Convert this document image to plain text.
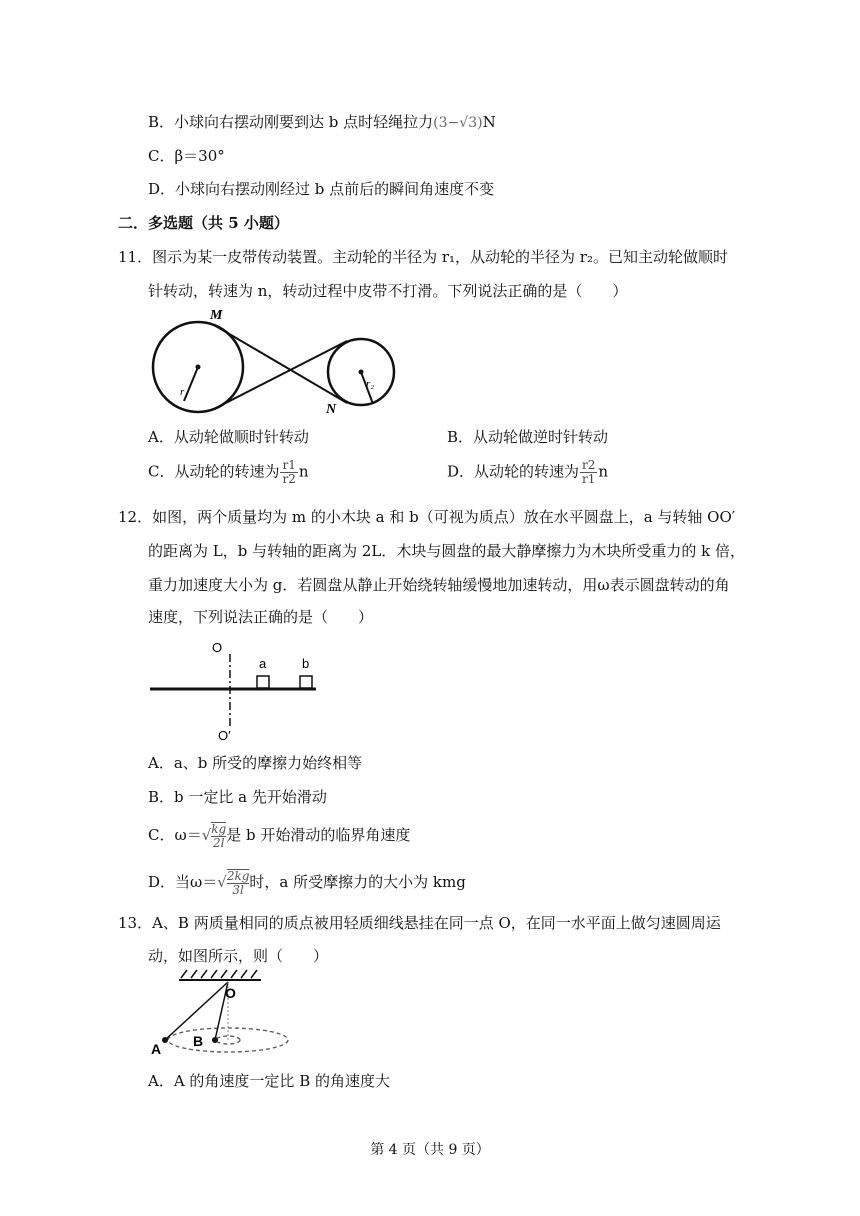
B．小球向右摆动刚要到达 b 点时轻绳拉力(3−√3)N
C．β＝30°
D．小球向右摆动刚经过 b 点前后的瞬间角速度不变
二．多选题（共 5 小题）
11．图示为某一皮带传动装置。主动轮的半径为 r₁，从动轮的半径为 r₂。已知主动轮做顺时
针转动，转速为 n，转动过程中皮带不打滑。下列说法正确的是（　　）
M
N
r₁
r₂
A．从动轮做顺时针转动	B．从动轮做逆时针转动
C．从动轮的转速为 $\frac{r1}{r2}$ n	D．从动轮的转速为 $\frac{r2}{r1}$ n
12．如图，两个质量均为 m 的小木块 a 和 b（可视为质点）放在水平圆盘上，a 与转轴 OO′
的距离为 L，b 与转轴的距离为 2L．木块与圆盘的最大静摩擦力为木块所受重力的 k 倍，
重力加速度大小为 g．若圆盘从静止开始绕转轴缓慢地加速转动，用ω表示圆盘转动的角
速度，下列说法正确的是（　　）
O
O′
a	b
A．a、b 所受的摩擦力始终相等
B．b 一定比 a 先开始滑动
C．$\omega=√ \frac{kg}{2l}$ 是 b 开始滑动的临界角速度
D．当$\omega=√ \frac{2kg}{3l}$ 时，a 所受摩擦力的大小为 kmg
13．A、B 两质量相同的质点被用轻质细线悬挂在同一点 O，在同一水平面上做匀速圆周运
动，如图所示，则（　　）
O
A B
A．A 的角速度一定比 B 的角速度大
第 4 页（共 9 页）
